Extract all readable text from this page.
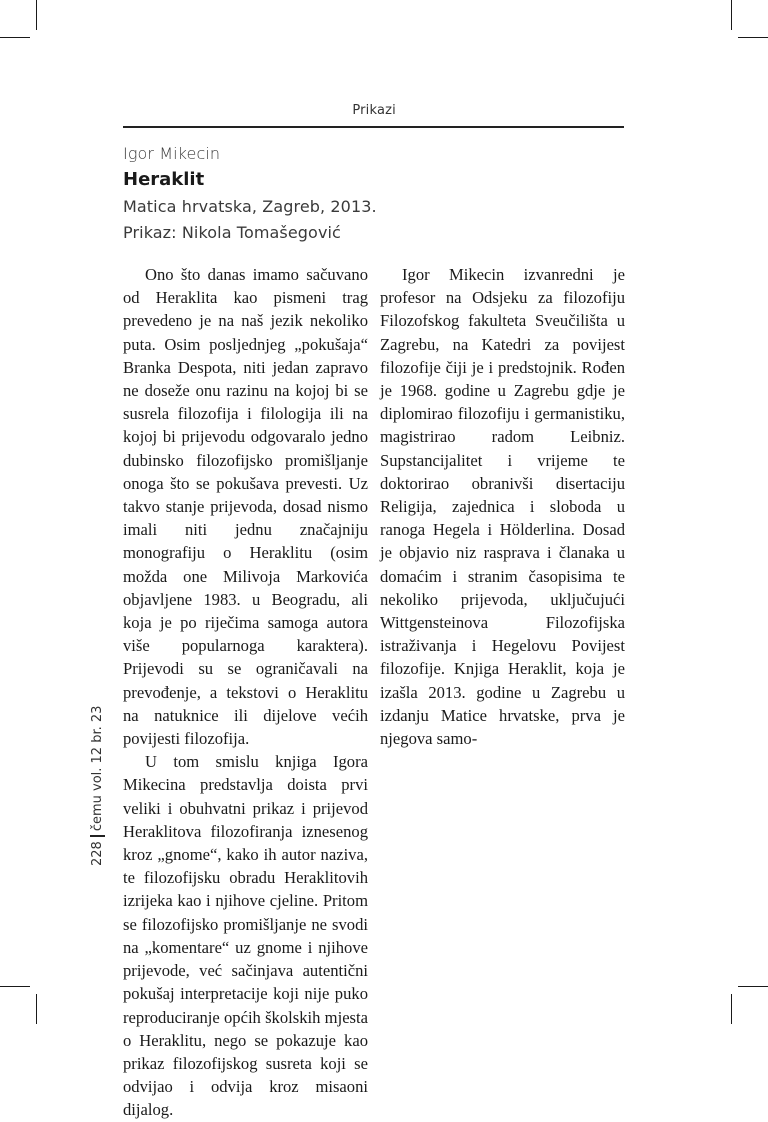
Prikazi
Igor Mikecin
Heraklit
Matica hrvatska, Zagreb, 2013.
Prikaz: Nikola Tomašegović

Ono što danas imamo sačuvano od Heraklita kao pismeni trag prevedeno je na naš jezik nekoliko puta. Osim posljednjeg „pokušaja“ Branka Despota, niti jedan zapravo ne doseže onu razinu na kojoj bi se susrela filozofija i filologija ili na kojoj bi prijevodu odgovaralo jedno dubinsko filozofijsko promišljanje onoga što se pokušava prevesti. Uz takvo stanje prijevoda, dosad nismo imali niti jednu značajniju monografiju o Heraklitu (osim možda one Milivoja Markovića objavljene 1983. u Beogradu, ali koja je po riječima samoga autora više popularnoga karaktera). Prijevodi su se ograničavali na prevođenje, a tekstovi o Heraklitu na natuknice ili dijelove većih povijesti filozofija.

U tom smislu knjiga Igora Mikecina predstavlja doista prvi veliki i obuhvatni prikaz i prijevod Heraklitova filozofiranja iznesenog kroz „gnome“, kako ih autor naziva, te filozofijsku obradu Heraklitovih izrijeka kao i njihove cjeline. Pritom se filozofijsko promišljanje ne svodi na „komentare“ uz gnome i njihove prijevode, već sačinjava autentični pokušaj interpretacije koji nije puko reproduciranje općih školskih mjesta o Heraklitu, nego se pokazuje kao prikaz filozofijskog susreta koji se odvijao i odvija kroz misaoni dijalog.

Igor Mikecin izvanredni je profesor na Odsjeku za filozofiju Filozofskog fakulteta Sveučilišta u Zagrebu, na Katedri za povijest filozofije čiji je i predstojnik. Rođen je 1968. godine u Zagrebu gdje je diplomirao filozofiju i germanistiku, magistrirao radom Leibniz. Supstancijalitet i vrijeme te doktorirao obranivši disertaciju Religija, zajednica i sloboda u ranoga Hegela i Hölderlina. Dosad je objavio niz rasprava i članaka u domaćim i stranim časopisima te nekoliko prijevoda, uključujući Wittgensteinova Filozofijska istraživanja i Hegelovu Povijest filozofije. Knjiga Heraklit, koja je izašla 2013. godine u Zagrebu u izdanju Matice hrvatske, prva je njegova samo-

228čemu vol. 12 br. 23
